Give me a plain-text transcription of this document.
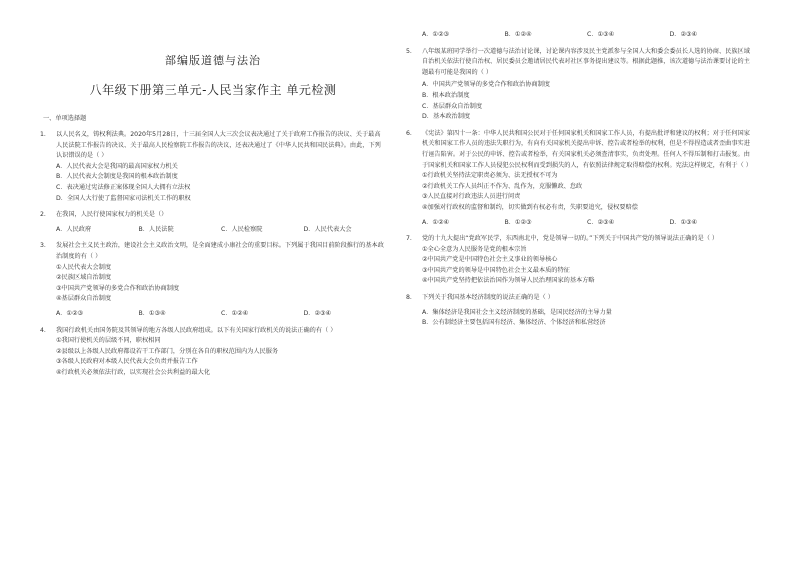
部编版道德与法治
八年级下册第三单元-人民当家作主 单元检测
一、单项选择题
1.	以人民名义，铸权利法典。2020年5月28日，十三届全国人大三次会议表决通过了关于政府工作报告的决议、关于最高人民法院工作报告的决议、关于最高人民检察院工作报告的决议，还表决通过了《中华人民共和国民法典》。由此，下列认识错误的是（ ）
A．人民代表大会是我国的最高国家权力机关
B．人民代表大会制度是我国的根本政治制度
C．表决通过宪法修正案体现全国人大拥有立法权
D．全国人大行使了监督国家司法机关工作的职权
2.	在我国，人民行使国家权力的机关是（）
A．人民政府	B．人民法院	C．人民检察院	D．人民代表大会
3.	发展社会主义民主政治，建设社会主义政治文明，是全面建成小康社会的重要目标。下列属于我国目前阶段推行的基本政治制度的有（ ）
①人民代表大会制度
②民族区域自治制度
③中国共产党领导的多党合作和政治协商制度
④基层群众自治制度
A．①②③	B．①③④	C．①②④	D．②③④
4.	我国行政机关由国务院及其领导的地方各级人民政府组成。以下有关国家行政机关的说法正确的有（ ）
①我国行使机关的层级不同，职权相同
②县级以上各级人民政府都设若干工作部门，分别在各自的职权范围内为人民服务
③各级人民政府对本级人民代表大会负责并报告工作
④行政机关必须依法行政，以实现社会公共利益的最大化
A．①②③	B．①②④	C．①③④	D．②③④
5.	八年级某班同学举行一次道德与法治讨论课，讨论课内容涉及民主党派参与全国人大和委会委员长人选的协商、民族区域自治机关依法行使自治权、居民委员会邀请居民代表对社区事务提出建议等。根据此题推，该次道德与法治课要讨论的主题最有可能是我国的（ ）
A．中国共产党领导的多党合作和政治协商制度
B．根本政治制度
C．基层群众自治制度
D．基本政治制度
6.	《宪法》第四十一条：中华人民共和国公民对于任何国家机关和国家工作人员，有提出批评和建议的权利；对于任何国家机关和国家工作人员的违法失职行为，有向有关国家机关提出申诉、控告或者检举的权利，但是不得捏造或者歪曲事实进行诬告陷害。对于公民的申诉、控告或者检举，有关国家机关必须查清事实，负责处理。任何人不得压制和打击报复。由于国家机关和国家工作人员侵犯公民权利而受到损失的人，有依照法律规定取得赔偿的权利。宪法这样规定，有利于（ ）
①行政机关坚持法定职责必须为、法无授权不可为
②行政机关工作人员纠正不作为、乱作为，克服懒政、怠政
③人民直接对行政违法人员进行问责
④加强对行政权的监督和制约，切实做到有权必有责，失职要追究，侵权要赔偿
A．①②④	B．①②③	C．②③④	D．①③④
7.	党的十九大提出“党政军民学，东西南北中，党是领导一切的。”下列关于中国共产党的领导说法正确的是（ ）
①全心全意为人民服务是党的根本宗旨
②中国共产党是中国特色社会主义事业的领导核心
③中国共产党的领导是中国特色社会主义最本质的特征
④中国共产党坚持把依法治国作为领导人民治理国家的基本方略
8.	下列关于我国基本经济制度的说法正确的是（ ）
A．集体经济是我国社会主义经济制度的基础，是国民经济的主导力量
B．公有制经济主要包括国有经济、集体经济、个体经济和私营经济
